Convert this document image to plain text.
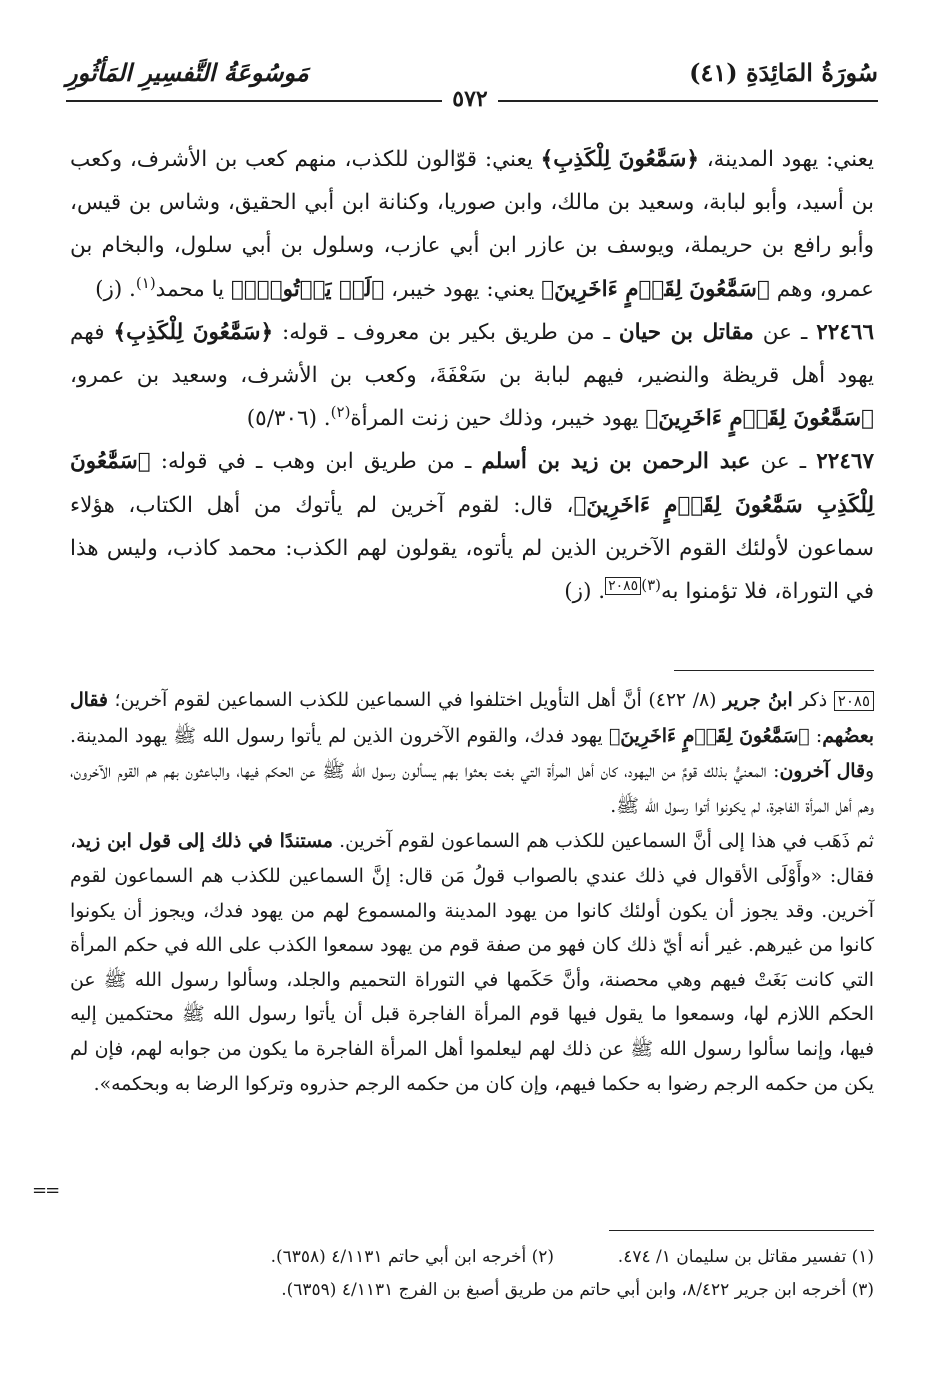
سُورَةُ المَائِدَةِ (٤١)
مَوسُوعَةُ التَّفسِيرِ المَأثُورِ
٥٧٢

يعني: يهود المدينة، ﴿سَمَّٰعُونَ لِلْكَذِبِ﴾ يعني: قوّالون للكذب، منهم كعب بن الأشرف، وكعب بن أسيد، وأبو لبابة، وسعيد بن مالك، وابن صوريا، وكنانة ابن أبي الحقيق، وشاس بن قيس، وأبو رافع بن حريملة، ويوسف بن عازر ابن أبي عازب، وسلول بن أبي سلول، والبخام بن عمرو، وهم ﴿سَمَّٰعُونَ لِقَوۡمٍ ءَاخَرِينَ﴾ يعني: يهود خيبر، ﴿لَمۡ يَأۡتُوكَۖ﴾ يا محمد$^{(١)}$. (ز)

٢٢٤٦٦ ـ عن مقاتل بن حيان ـ من طريق بكير بن معروف ـ قوله: ﴿سَمَّٰعُونَ لِلْكَذِبِ﴾ فهم يهود أهل قريظة والنضير، فيهم لبابة بن سَعْفَةَ، وكعب بن الأشرف، وسعيد بن عمرو، ﴿سَمَّٰعُونَ لِقَوۡمٍ ءَاخَرِينَ﴾ يهود خيبر، وذلك حين زنت المرأة$^{(٢)}$. (٥/٣٠٦)

٢٢٤٦٧ ـ عن عبد الرحمن بن زيد بن أسلم ـ من طريق ابن وهب ـ في قوله: ﴿سَمَّٰعُونَ لِلْكَذِبِ سَمَّٰعُونَ لِقَوۡمٍ ءَاخَرِينَ﴾، قال: لقوم آخرين لم يأتوك من أهل الكتاب، هؤلاء سماعون لأولئك القوم الآخرين الذين لم يأتوه، يقولون لهم الكذب: محمد كاذب، وليس هذا في التوراة، فلا تؤمنوا به$^{(٣)٢٠٨٥}$. (ز)

٢٠٨٥ ذكر ابنُ جرير (٨/ ٤٢٢) أنَّ أهل التأويل اختلفوا في السماعين للكذب السماعين لقوم آخرين؛ فقال بعضُهم: ﴿سَمَّٰعُونَ لِقَوۡمٍ ءَاخَرِينَ﴾ يهود فدك، والقوم الآخرون الذين لم يأتوا رسول الله ﷺ يهود المدينة. وقال آخرون: المعنيُّ بذلك قومٌ من اليهود، كان أهل المرأة التي بغت بعثوا بهم يسألون رسول الله ﷺ عن الحكم فيها، والباعثون بهم هم القوم الآخرون، وهم أهل المرأة الفاجرة، لم يكونوا أتوا رسول الله ﷺ.

ثم ذَهَب في هذا إلى أنَّ السماعين للكذب هم السماعون لقوم آخرين. مستندًا في ذلك إلى قول ابن زيد، فقال: «وأَوْلَى الأقوال في ذلك عندي بالصواب قولُ مَن قال: إنَّ السماعين للكذب هم السماعون لقوم آخرين. وقد يجوز أن يكون أولئك كانوا من يهود المدينة والمسموع لهم من يهود فدك، ويجوز أن يكونوا كانوا من غيرهم. غير أنه أيّ ذلك كان فهو من صفة قوم من يهود سمعوا الكذب على الله في حكم المرأة التي كانت بَغَتْ فيهم وهي محصنة، وأنَّ حَكَمها في التوراة التحميم والجلد، وسألوا رسول الله ﷺ عن الحكم اللازم لها، وسمعوا ما يقول فيها قوم المرأة الفاجرة قبل أن يأتوا رسول الله ﷺ محتكمين إليه فيها، وإنما سألوا رسول الله ﷺ عن ذلك لهم ليعلموا أهل المرأة الفاجرة ما يكون من جوابه لهم، فإن لم يكن من حكمه الرجم رضوا به حكما فيهم، وإن كان من حكمه الرجم حذروه وتركوا الرضا به وبحكمه».

==
(١) تفسير مقاتل بن سليمان ١/ ٤٧٤.(٢) أخرجه ابن أبي حاتم ٤/١١٣١ (٦٣٥٨).
(٣) أخرجه ابن جرير ٨/٤٢٢، وابن أبي حاتم من طريق أصبغ بن الفرج ٤/١١٣١ (٦٣٥٩).
